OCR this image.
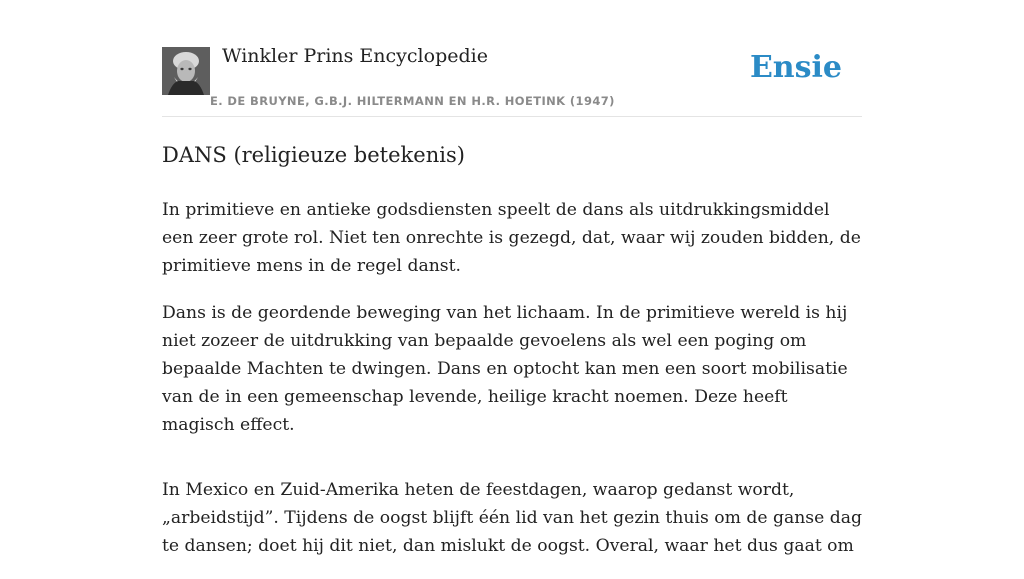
Winkler Prins Encyclopedie
E. DE BRUYNE, G.B.J. HILTERMANN EN H.R. HOETINK (1947)
Ensie
DANS (religieuze betekenis)

In primitieve en antieke godsdiensten speelt de dans als uitdrukkingsmiddel een zeer grote rol. Niet ten onrechte is gezegd, dat, waar wij zouden bidden, de primitieve mens in de regel danst.

Dans is de geordende beweging van het lichaam. In de primitieve wereld is hij niet zozeer de uitdrukking van bepaalde gevoelens als wel een poging om bepaalde Machten te dwingen. Dans en optocht kan men een soort mobilisatie van de in een gemeenschap levende, heilige kracht noemen. Deze heeft magisch effect.

In Mexico en Zuid-Amerika heten de feestdagen, waarop gedanst wordt, „arbeidstijd”. Tijdens de oogst blijft één lid van het gezin thuis om de ganse dag te dansen; doet hij dit niet, dan mislukt de oogst. Overal, waar het dus gaat om
